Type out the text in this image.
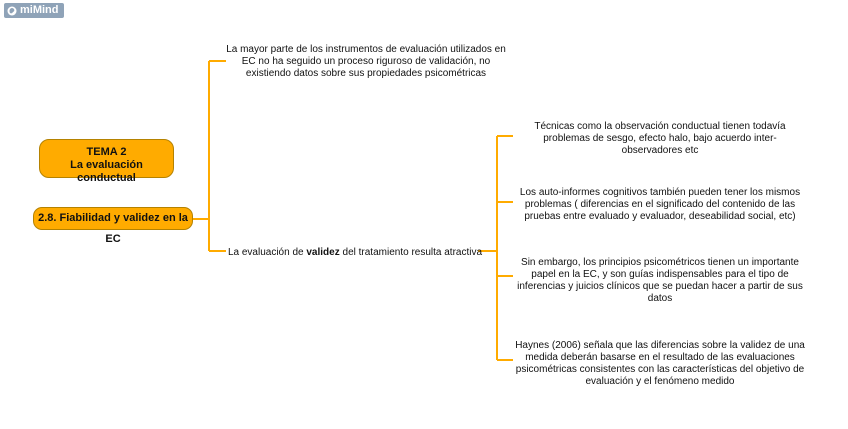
miMind
TEMA 2
La evaluación conductual
2.8. Fiabilidad y validez en la EC
La mayor parte de los instrumentos de evaluación utilizados en EC no ha seguido un proceso riguroso de validación, no existiendo datos sobre sus propiedades psicométricas
La evaluación de validez del tratamiento resulta atractiva
Técnicas como la observación conductual tienen todavía problemas de sesgo, efecto halo, bajo acuerdo inter-observadores etc
Los auto-informes cognitivos también pueden tener los mismos problemas ( diferencias en el significado del contenido de las pruebas entre evaluado y evaluador, deseabilidad social, etc)
Sin embargo, los principios psicométricos tienen un importante papel en la EC, y son guías indispensables para el tipo de inferencias y juicios clínicos que se puedan hacer a partir de sus datos
Haynes (2006) señala que las diferencias sobre la validez de una medida deberán basarse en el resultado de las evaluaciones psicométricas consistentes con las características del objetivo de evaluación y el fenómeno medido
